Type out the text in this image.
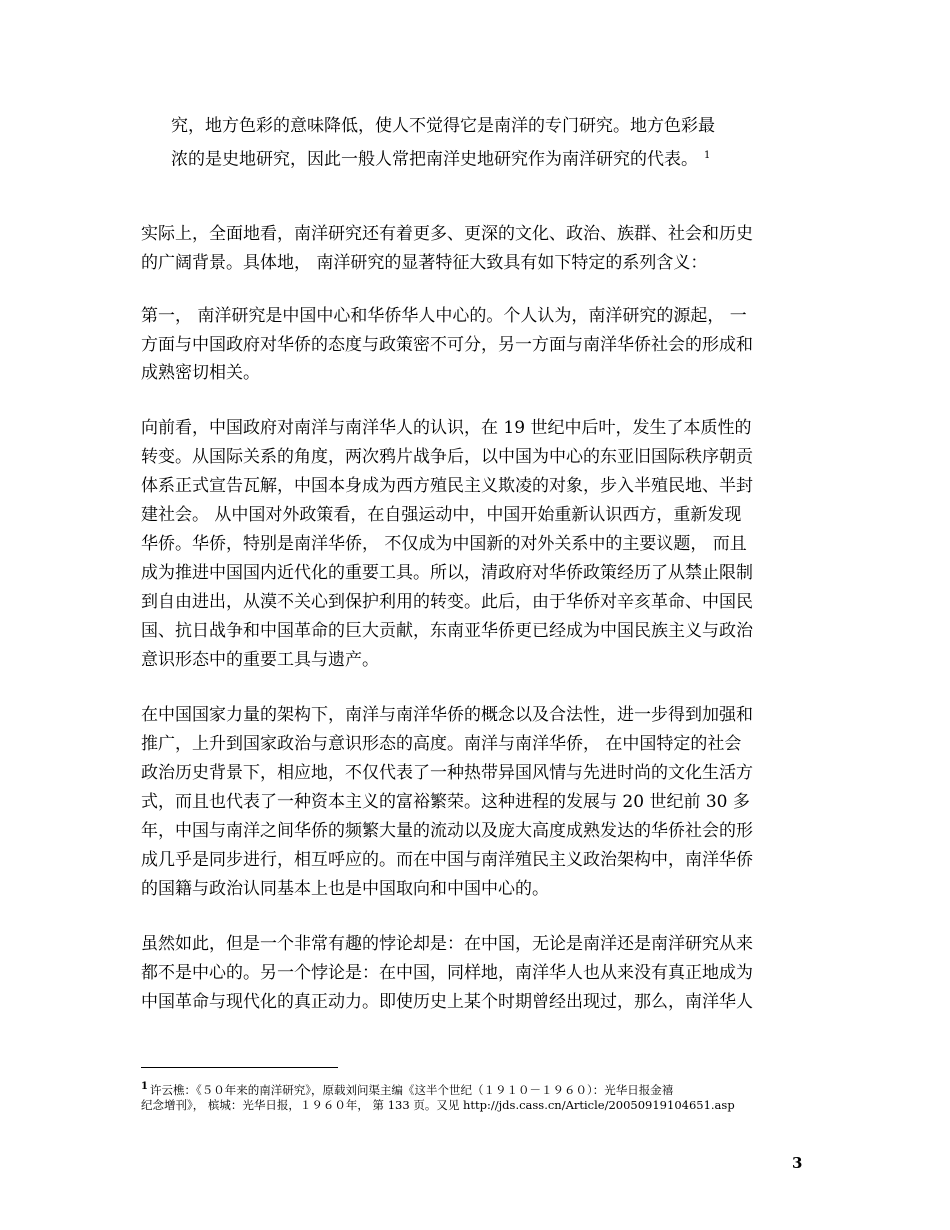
究，地方色彩的意味降低，使人不觉得它是南洋的专门研究。地方色彩最
浓的是史地研究，因此一般人常把南洋史地研究作为南洋研究的代表。 $^1$
实际上，全面地看，南洋研究还有着更多、更深的文化、政治、族群、社会和历史
的广阔背景。具体地， 南洋研究的显著特征大致具有如下特定的系列含义：
第一， 南洋研究是中国中心和华侨华人中心的。个人认为，南洋研究的源起， 一
方面与中国政府对华侨的态度与政策密不可分，另一方面与南洋华侨社会的形成和
成熟密切相关。
向前看，中国政府对南洋与南洋华人的认识，在 19 世纪中后叶，发生了本质性的
转变。从国际关系的角度，两次鸦片战争后，以中国为中心的东亚旧国际秩序朝贡
体系正式宣告瓦解，中国本身成为西方殖民主义欺凌的对象，步入半殖民地、半封
建社会。 从中国对外政策看，在自强运动中，中国开始重新认识西方，重新发现
华侨。华侨，特别是南洋华侨， 不仅成为中国新的对外关系中的主要议题， 而且
成为推进中国国内近代化的重要工具。所以，清政府对华侨政策经历了从禁止限制
到自由进出，从漠不关心到保护利用的转变。此后，由于华侨对辛亥革命、中国民
国、抗日战争和中国革命的巨大贡献，东南亚华侨更已经成为中国民族主义与政治
意识形态中的重要工具与遗产。
在中国国家力量的架构下，南洋与南洋华侨的概念以及合法性，进一步得到加强和
推广，上升到国家政治与意识形态的高度。南洋与南洋华侨， 在中国特定的社会
政治历史背景下，相应地，不仅代表了一种热带异国风情与先进时尚的文化生活方
式，而且也代表了一种资本主义的富裕繁荣。这种进程的发展与 20 世纪前 30 多
年，中国与南洋之间华侨的频繁大量的流动以及庞大高度成熟发达的华侨社会的形
成几乎是同步进行，相互呼应的。而在中国与南洋殖民主义政治架构中，南洋华侨
的国籍与政治认同基本上也是中国取向和中国中心的。
虽然如此，但是一个非常有趣的悖论却是：在中国，无论是南洋还是南洋研究从来
都不是中心的。另一个悖论是：在中国，同样地，南洋华人也从来没有真正地成为
中国革命与现代化的真正动力。即使历史上某个时期曾经出现过，那么，南洋华人
1 许云樵：《５０年来的南洋研究》，原载刘问渠主编《这半个世纪（１９１０－１９６０）：光华日报金禧
纪念增刊》， 槟城：光华日报，１９６０年， 第 133 页。又见 http://jds.cass.cn/Article/20050919104651.asp
3
